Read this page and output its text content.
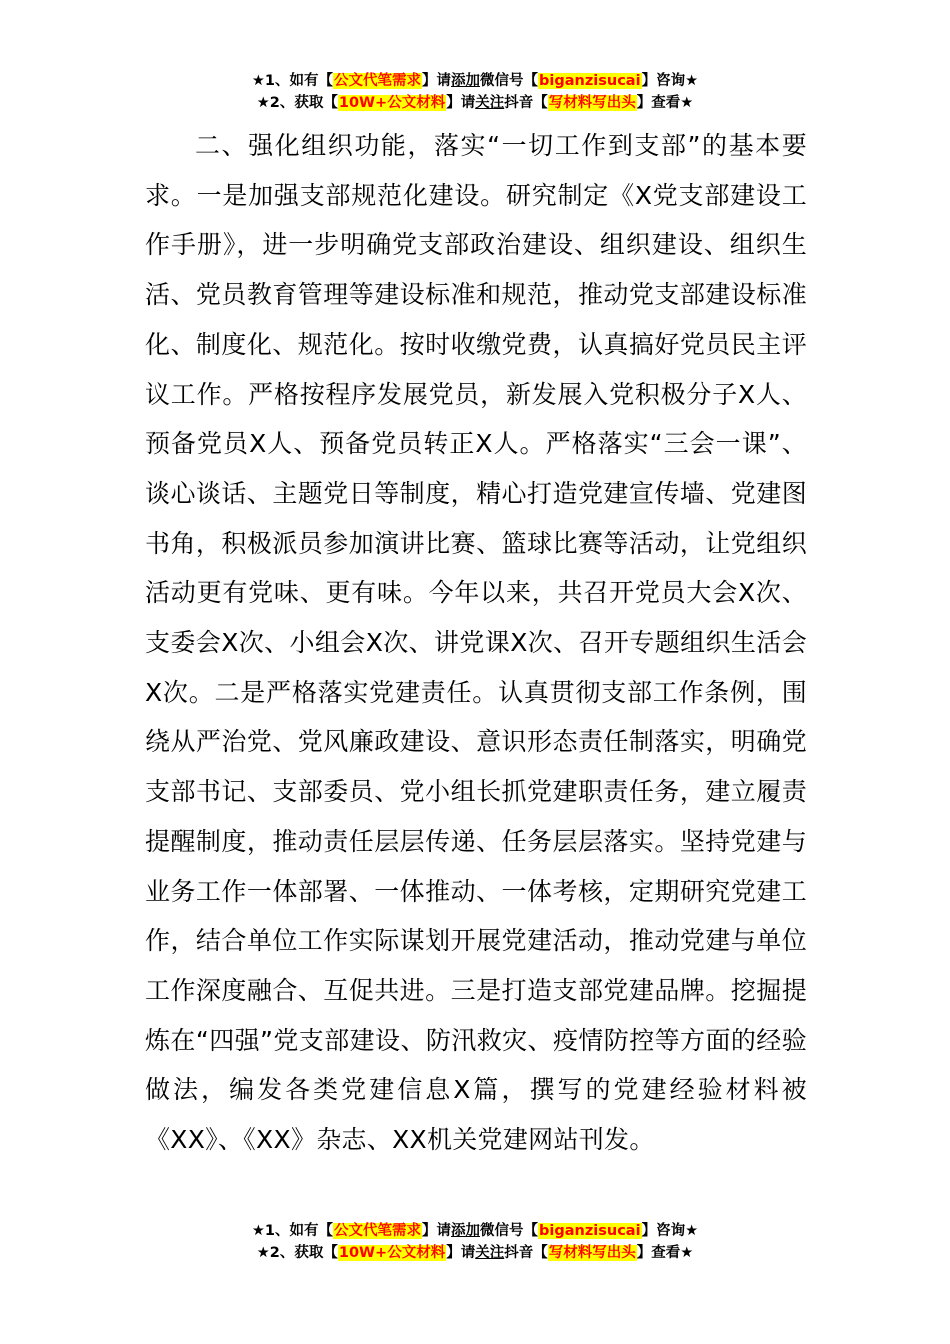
★1、如有【公文代笔需求】请添加微信号【biganzisucai】咨询★
★2、获取【10W+公文材料】请关注抖音【写材料写出头】查看★

二、强化组织功能，落实“一切工作到支部”的基本要求。一是加强支部规范化建设。研究制定《X党支部建设工作手册》，进一步明确党支部政治建设、组织建设、组织生活、党员教育管理等建设标准和规范，推动党支部建设标准化、制度化、规范化。按时收缴党费，认真搞好党员民主评议工作。严格按程序发展党员，新发展入党积极分子X人、预备党员X人、预备党员转正X人。严格落实“三会一课”、谈心谈话、主题党日等制度，精心打造党建宣传墙、党建图书角，积极派员参加演讲比赛、篮球比赛等活动，让党组织活动更有党味、更有味。今年以来，共召开党员大会X次、支委会X次、小组会X次、讲党课X次、召开专题组织生活会X次。二是严格落实党建责任。认真贯彻支部工作条例，围绕从严治党、党风廉政建设、意识形态责任制落实，明确党支部书记、支部委员、党小组长抓党建职责任务，建立履责提醒制度，推动责任层层传递、任务层层落实。坚持党建与业务工作一体部署、一体推动、一体考核，定期研究党建工作，结合单位工作实际谋划开展党建活动，推动党建与单位工作深度融合、互促共进。三是打造支部党建品牌。挖掘提炼在“四强”党支部建设、防汛救灾、疫情防控等方面的经验做法，编发各类党建信息X篇，撰写的党建经验材料被《XX》、《XX》杂志、XX机关党建网站刊发。

★1、如有【公文代笔需求】请添加微信号【biganzisucai】咨询★
★2、获取【10W+公文材料】请关注抖音【写材料写出头】查看★
